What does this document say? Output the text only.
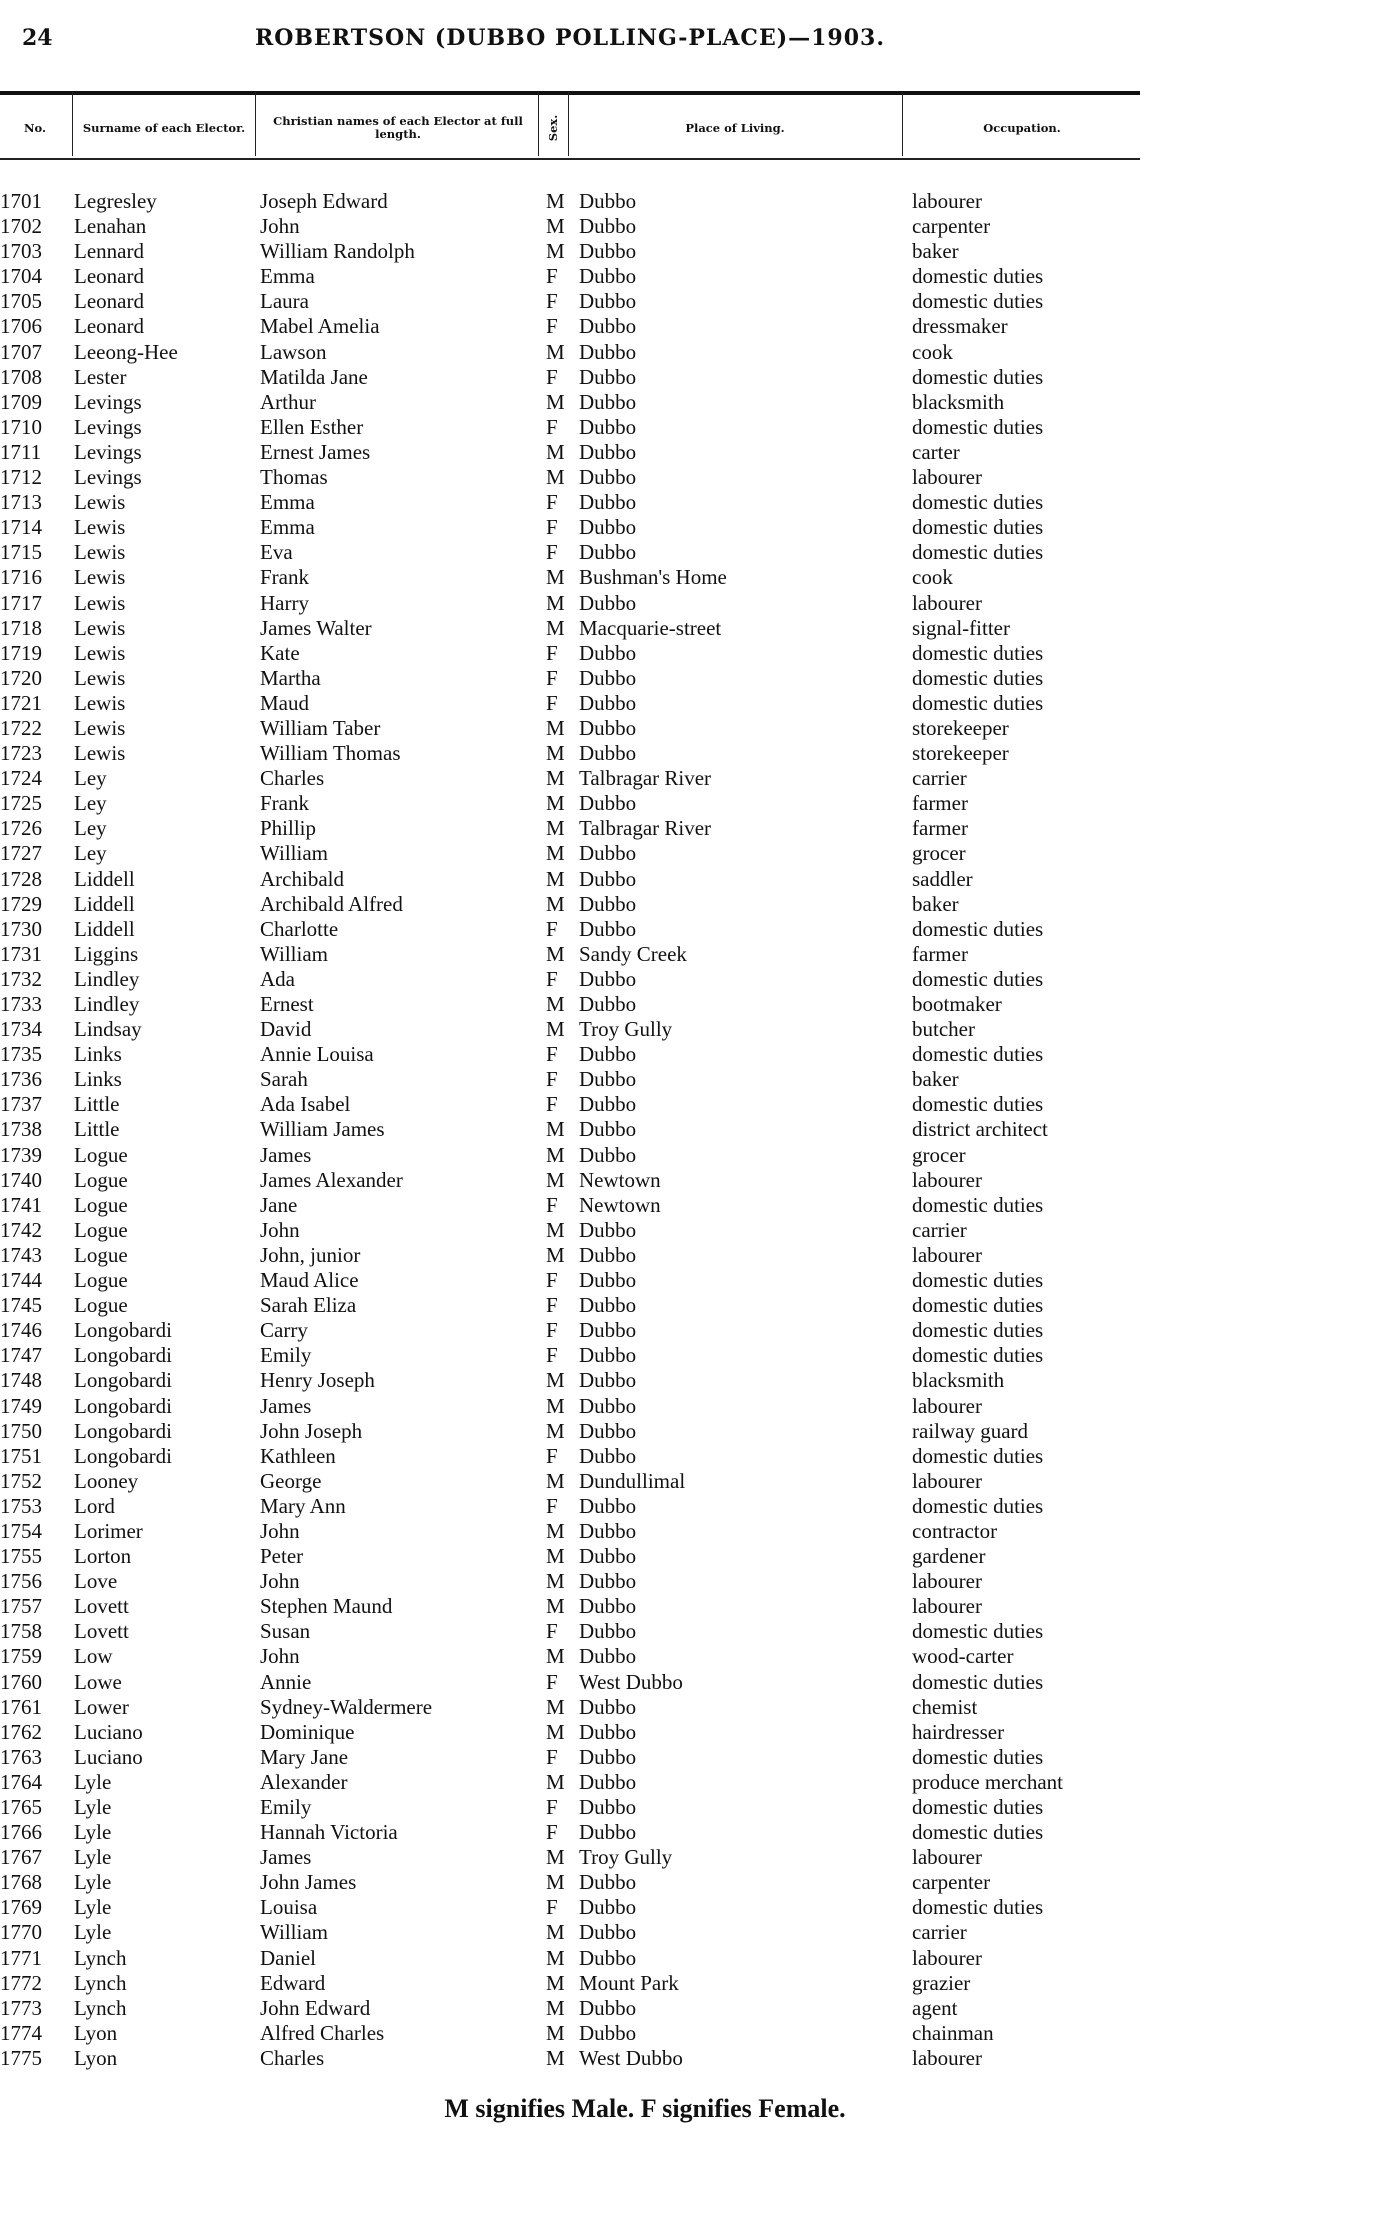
24	ROBERTSON (DUBBO POLLING-PLACE)—1903.
No.	Surname of each Elector.	Christian names of each Elector at full length.	Sex.	Place of Living.	Occupation.
1701 Legresley	Joseph Edward	M Dubbo	labourer
1702 Lenahan	John	M Dubbo	carpenter
1703 Lennard	William Randolph	M Dubbo	baker
1704 Leonard	Emma	F Dubbo	domestic duties
1705 Leonard	Laura	F Dubbo	domestic duties
1706 Leonard	Mabel Amelia	F Dubbo	dressmaker
1707 Leeong-Hee	Lawson	M Dubbo	cook
1708 Lester	Matilda Jane	F Dubbo	domestic duties
1709 Levings	Arthur	M Dubbo	blacksmith
1710 Levings	Ellen Esther	F Dubbo	domestic duties
1711 Levings	Ernest James	M Dubbo	carter
1712 Levings	Thomas	M Dubbo	labourer
1713 Lewis	Emma	F Dubbo	domestic duties
1714 Lewis	Emma	F Dubbo	domestic duties
1715 Lewis	Eva	F Dubbo	domestic duties
1716 Lewis	Frank	M Bushman's Home	cook
1717 Lewis	Harry	M Dubbo	labourer
1718 Lewis	James Walter	M Macquarie-street	signal-fitter
1719 Lewis	Kate	F Dubbo	domestic duties
1720 Lewis	Martha	F Dubbo	domestic duties
1721 Lewis	Maud	F Dubbo	domestic duties
1722 Lewis	William Taber	M Dubbo	storekeeper
1723 Lewis	William Thomas	M Dubbo	storekeeper
1724 Ley	Charles	M Talbragar River	carrier
1725 Ley	Frank	M Dubbo	farmer
1726 Ley	Phillip	M Talbragar River	farmer
1727 Ley	William	M Dubbo	grocer
1728 Liddell	Archibald	M Dubbo	saddler
1729 Liddell	Archibald Alfred	M Dubbo	baker
1730 Liddell	Charlotte	F Dubbo	domestic duties
1731 Liggins	William	M Sandy Creek	farmer
1732 Lindley	Ada	F Dubbo	domestic duties
1733 Lindley	Ernest	M Dubbo	bootmaker
1734 Lindsay	David	M Troy Gully	butcher
1735 Links	Annie Louisa	F Dubbo	domestic duties
1736 Links	Sarah	F Dubbo	baker
1737 Little	Ada Isabel	F Dubbo	domestic duties
1738 Little	William James	M Dubbo	district architect
1739 Logue	James	M Dubbo	grocer
1740 Logue	James Alexander	M Newtown	labourer
1741 Logue	Jane	F Newtown	domestic duties
1742 Logue	John	M Dubbo	carrier
1743 Logue	John, junior	M Dubbo	labourer
1744 Logue	Maud Alice	F Dubbo	domestic duties
1745 Logue	Sarah Eliza	F Dubbo	domestic duties
1746 Longobardi	Carry	F Dubbo	domestic duties
1747 Longobardi	Emily	F Dubbo	domestic duties
1748 Longobardi	Henry Joseph	M Dubbo	blacksmith
1749 Longobardi	James	M Dubbo	labourer
1750 Longobardi	John Joseph	M Dubbo	railway guard
1751 Longobardi	Kathleen	F Dubbo	domestic duties
1752 Looney	George	M Dundullimal	labourer
1753 Lord	Mary Ann	F Dubbo	domestic duties
1754 Lorimer	John	M Dubbo	contractor
1755 Lorton	Peter	M Dubbo	gardener
1756 Love	John	M Dubbo	labourer
1757 Lovett	Stephen Maund	M Dubbo	labourer
1758 Lovett	Susan	F Dubbo	domestic duties
1759 Low	John	M Dubbo	wood-carter
1760 Lowe	Annie	F West Dubbo	domestic duties
1761 Lower	Sydney-Waldermere	M Dubbo	chemist
1762 Luciano	Dominique	M Dubbo	hairdresser
1763 Luciano	Mary Jane	F Dubbo	domestic duties
1764 Lyle	Alexander	M Dubbo	produce merchant
1765 Lyle	Emily	F Dubbo	domestic duties
1766 Lyle	Hannah Victoria	F Dubbo	domestic duties
1767 Lyle	James	M Troy Gully	labourer
1768 Lyle	John James	M Dubbo	carpenter
1769 Lyle	Louisa	F Dubbo	domestic duties
1770 Lyle	William	M Dubbo	carrier
1771 Lynch	Daniel	M Dubbo	labourer
1772 Lynch	Edward	M Mount Park	grazier
1773 Lynch	John Edward	M Dubbo	agent
1774 Lyon	Alfred Charles	M Dubbo	chainman
1775 Lyon	Charles	M West Dubbo	labourer
M signifies Male. F signifies Female.
